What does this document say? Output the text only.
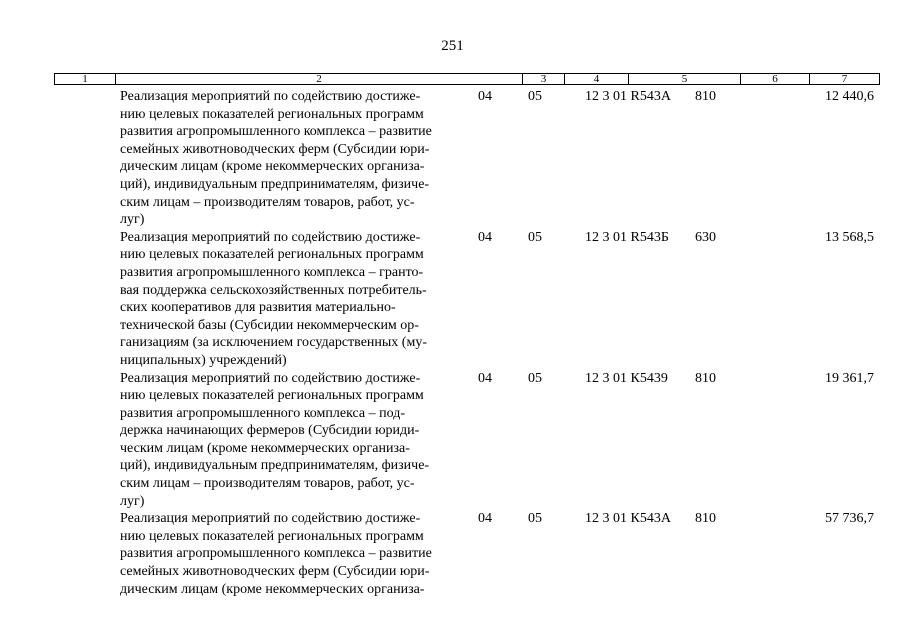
251
1	2	3	4	5	6	7
Реализация мероприятий по содействию достиже-
нию целевых показателей региональных программ
развития агропромышленного комплекса – развитие
семейных животноводческих ферм (Субсидии юри-
дическим лицам (кроме некоммерческих организа-
ций), индивидуальным предпринимателям, физиче-
ским лицам – производителям товаров, работ, ус-
луг)
04	05	12 3 01 R543А	810	12 440,6
Реализация мероприятий по содействию достиже-
нию целевых показателей региональных программ
развития агропромышленного комплекса – гранто-
вая поддержка сельскохозяйственных потребитель-
ских кооперативов для развития материально-
технической базы (Субсидии некоммерческим ор-
ганизациям (за исключением государственных (му-
ниципальных) учреждений)
04	05	12 3 01 R543Б	630	13 568,5
Реализация мероприятий по содействию достиже-
нию целевых показателей региональных программ
развития агропромышленного комплекса – под-
держка начинающих фермеров (Субсидии юриди-
ческим лицам (кроме некоммерческих организа-
ций), индивидуальным предпринимателям, физиче-
ским лицам – производителям товаров, работ, ус-
луг)
04	05	12 3 01 К5439	810	19 361,7
Реализация мероприятий по содействию достиже-
нию целевых показателей региональных программ
развития агропромышленного комплекса – развитие
семейных животноводческих ферм (Субсидии юри-
дическим лицам (кроме некоммерческих организа-
04	05	12 3 01 К543А	810	57 736,7
